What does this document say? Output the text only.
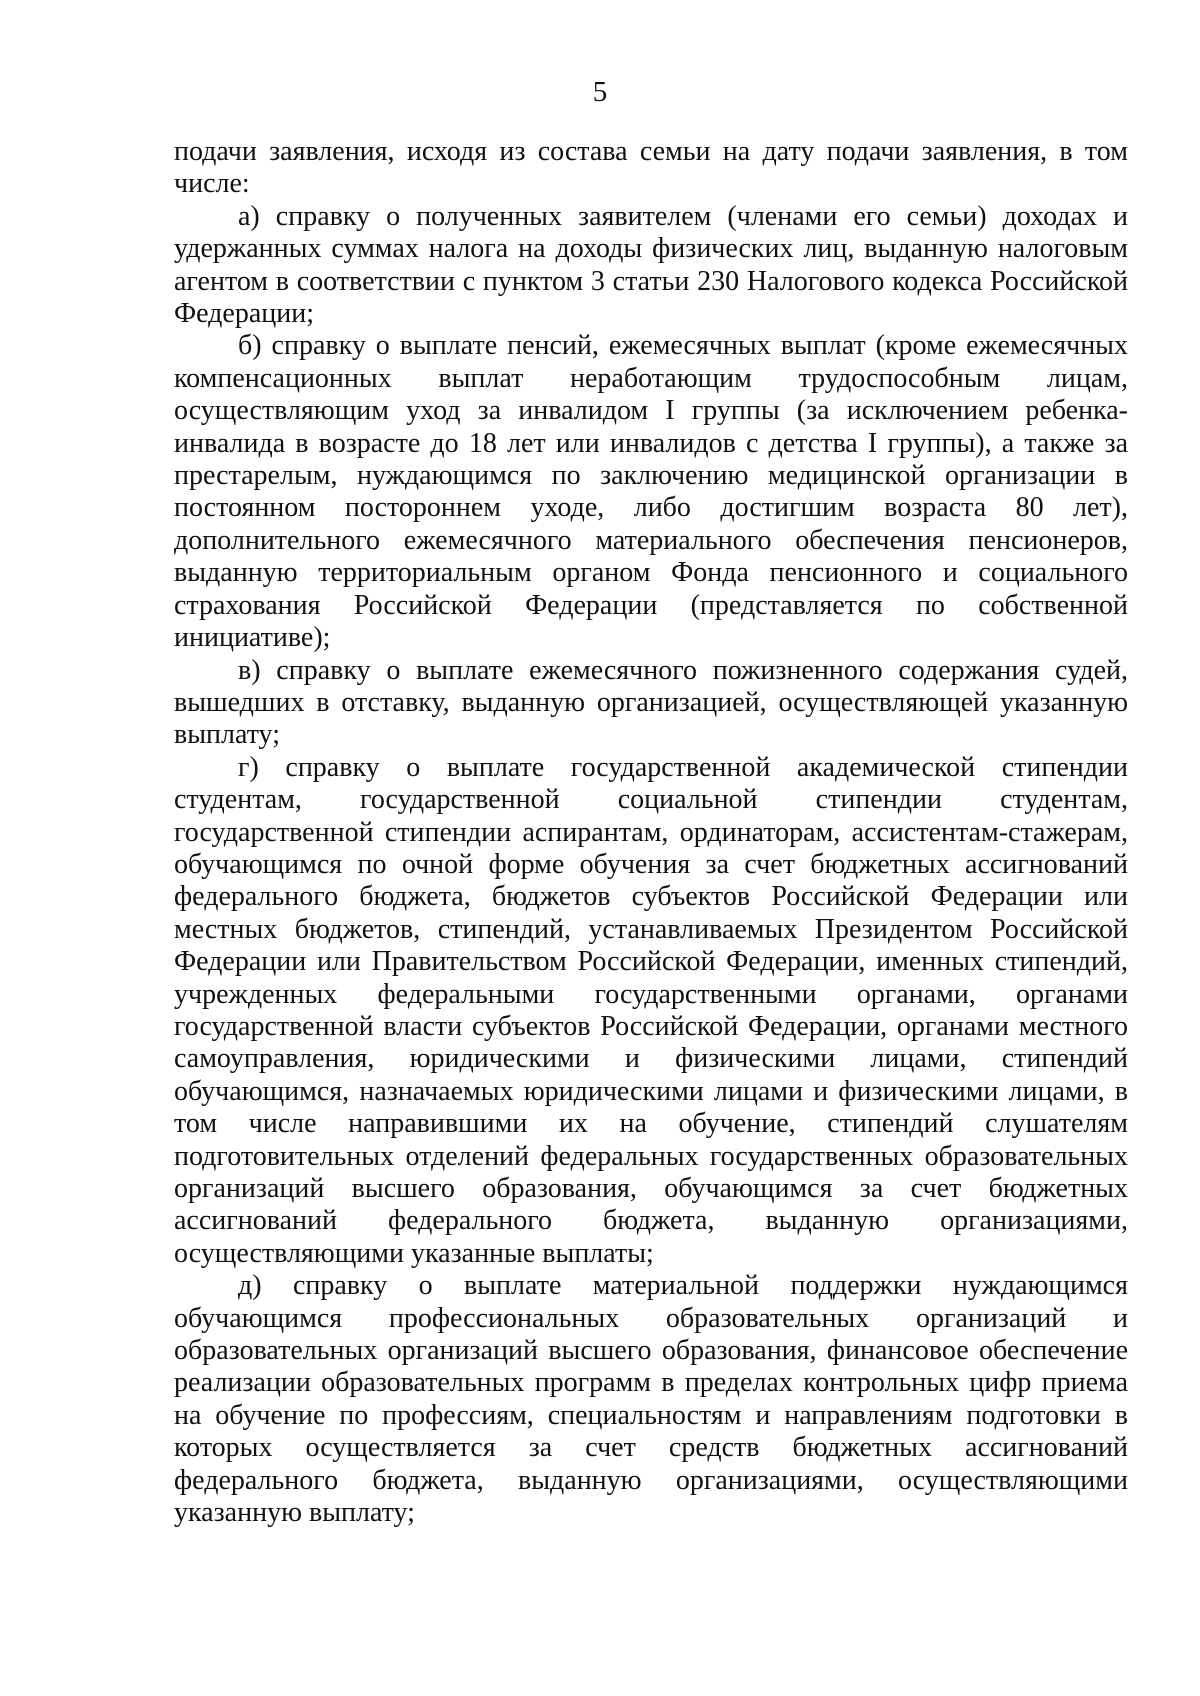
5

подачи заявления, исходя из состава семьи на дату подачи заявления, в том числе:

а) справку о полученных заявителем (членами его семьи) доходах и удержанных суммах налога на доходы физических лиц, выданную налоговым агентом в соответствии с пунктом 3 статьи 230 Налогового кодекса Российской Федерации;

б) справку о выплате пенсий, ежемесячных выплат (кроме ежемесячных компенсационных выплат неработающим трудоспособным лицам, осуществляющим уход за инвалидом I группы (за исключением ребенка-инвалида в возрасте до 18 лет или инвалидов с детства I группы), а также за престарелым, нуждающимся по заключению медицинской организации в постоянном постороннем уходе, либо достигшим возраста 80 лет), дополнительного ежемесячного материального обеспечения пенсионеров, выданную территориальным органом Фонда пенсионного и социального страхования Российской Федерации (представляется по собственной инициативе);

в) справку о выплате ежемесячного пожизненного содержания судей, вышедших в отставку, выданную организацией, осуществляющей указанную выплату;

г) справку о выплате государственной академической стипендии студентам, государственной социальной стипендии студентам, государственной стипендии аспирантам, ординаторам, ассистентам-стажерам, обучающимся по очной форме обучения за счет бюджетных ассигнований федерального бюджета, бюджетов субъектов Российской Федерации или местных бюджетов, стипендий, устанавливаемых Президентом Российской Федерации или Правительством Российской Федерации, именных стипендий, учрежденных федеральными государственными органами, органами государственной власти субъектов Российской Федерации, органами местного самоуправления, юридическими и физическими лицами, стипендий обучающимся, назначаемых юридическими лицами и физическими лицами, в том числе направившими их на обучение, стипендий слушателям подготовительных отделений федеральных государственных образовательных организаций высшего образования, обучающимся за счет бюджетных ассигнований федерального бюджета, выданную организациями, осуществляющими указанные выплаты;

д) справку о выплате материальной поддержки нуждающимся обучающимся профессиональных образовательных организаций и образовательных организаций высшего образования, финансовое обеспечение реализации образовательных программ в пределах контрольных цифр приема на обучение по профессиям, специальностям и направлениям подготовки в которых осуществляется за счет средств бюджетных ассигнований федерального бюджета, выданную организациями, осуществляющими указанную выплату;
